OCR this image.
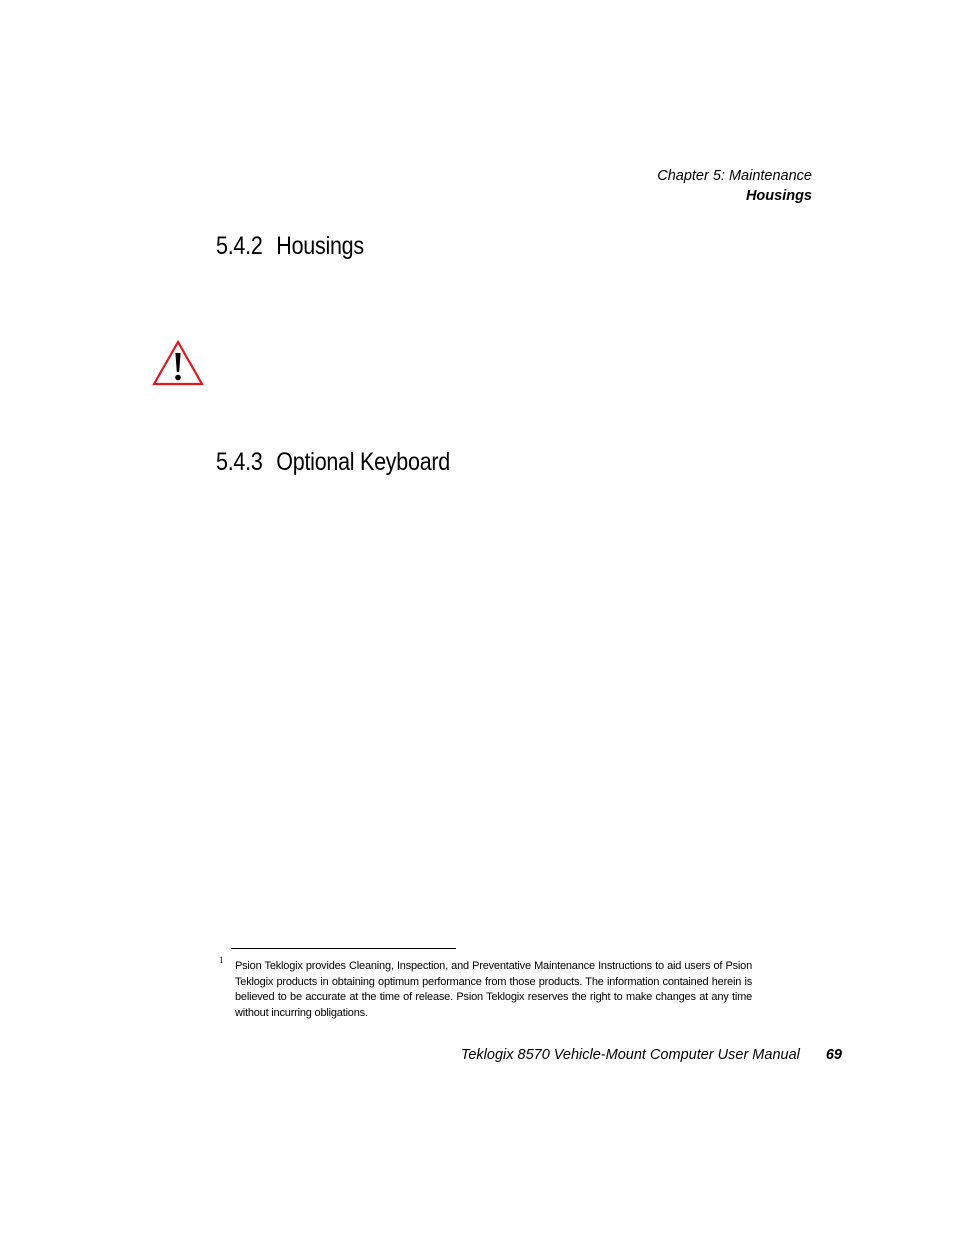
Chapter 5: Maintenance
Housings
5.4.2 Housings
5.4.3 Optional Keyboard
1 Psion Teklogix provides Cleaning, Inspection, and Preventative Maintenance Instructions to aid users of Psion Teklogix products in obtaining optimum performance from those products. The information contained herein is believed to be accurate at the time of release. Psion Teklogix reserves the right to make changes at any time without incurring obligations.
Teklogix 8570 Vehicle-Mount Computer User Manual 69
